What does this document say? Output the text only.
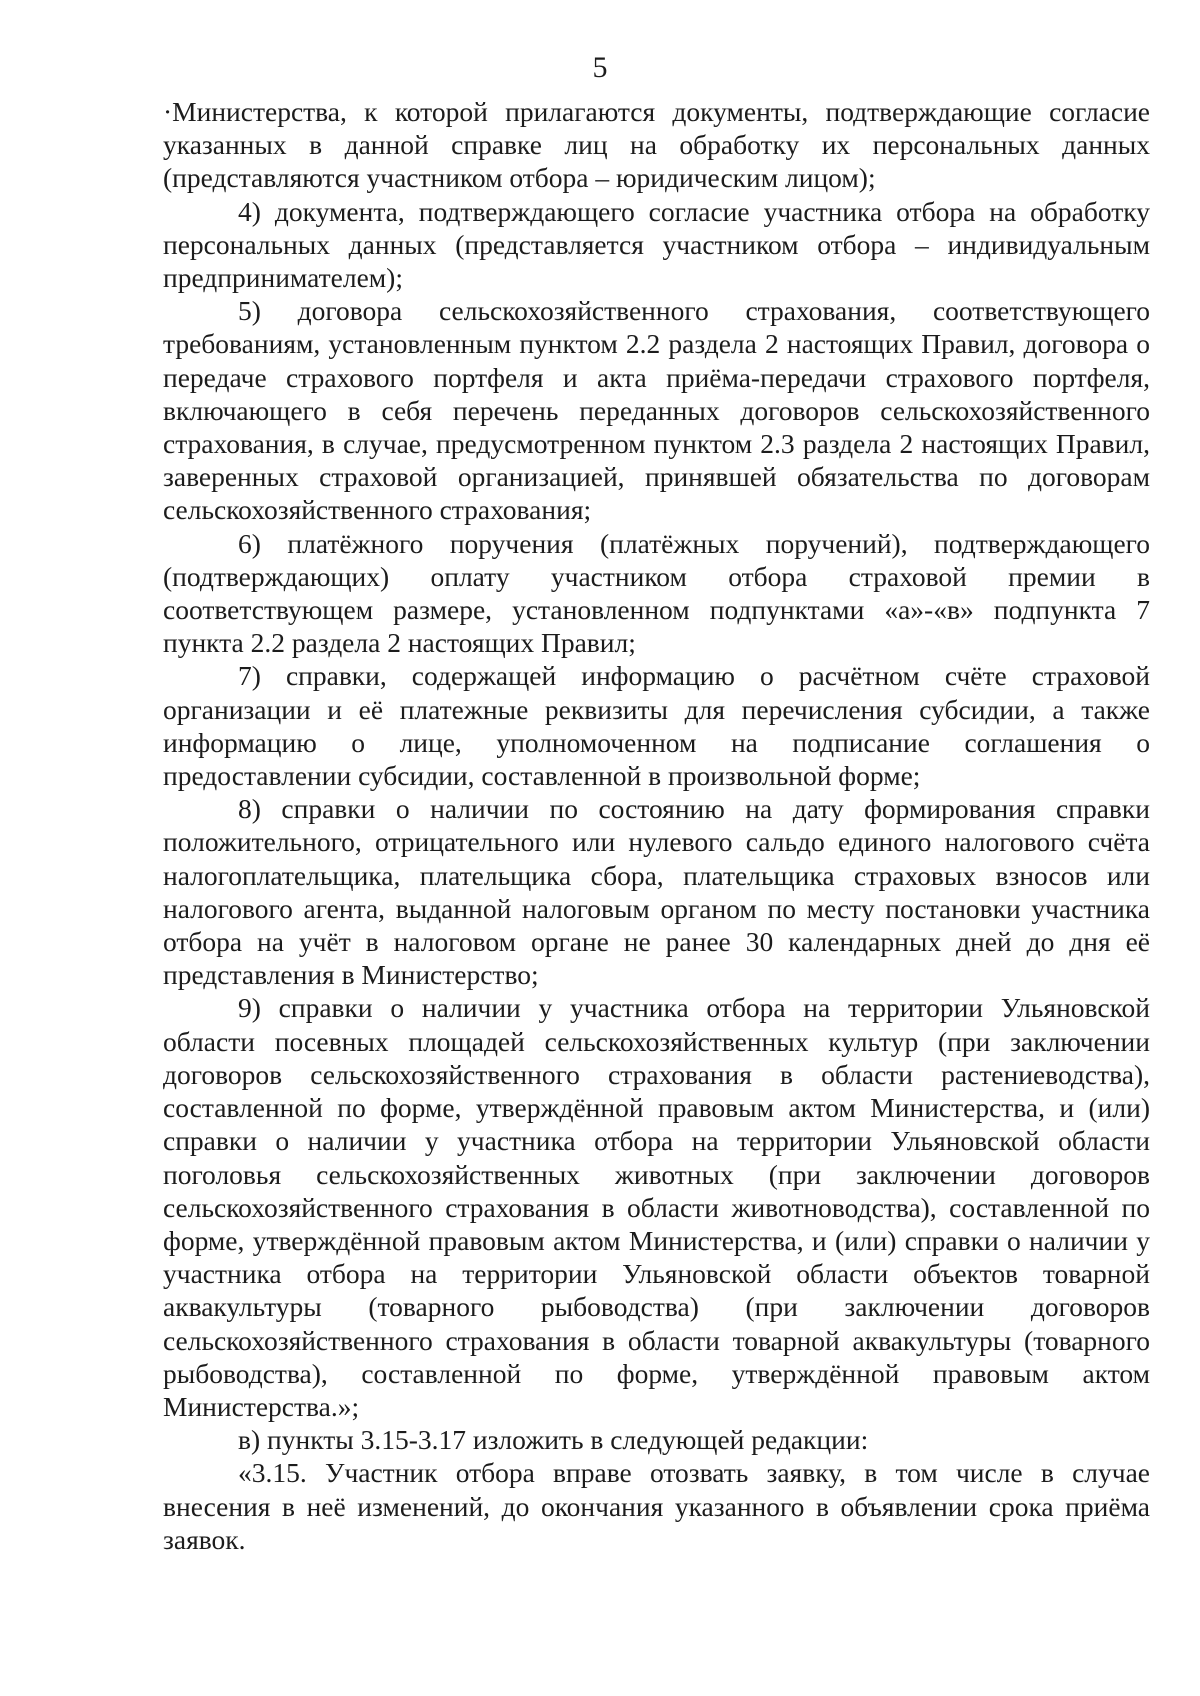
5

·Министерства, к которой прилагаются документы, подтверждающие согласие указанных в данной справке лиц на обработку их персональных данных (представляются участником отбора – юридическим лицом);

4) документа, подтверждающего согласие участника отбора на обработку персональных данных (представляется участником отбора – индивидуальным предпринимателем);

5) договора сельскохозяйственного страхования, соответствующего требованиям, установленным пунктом 2.2 раздела 2 настоящих Правил, договора о передаче страхового портфеля и акта приёма-передачи страхового портфеля, включающего в себя перечень переданных договоров сельскохозяйственного страхования, в случае, предусмотренном пунктом 2.3 раздела 2 настоящих Правил, заверенных страховой организацией, принявшей обязательства по договорам сельскохозяйственного страхования;

6) платёжного поручения (платёжных поручений), подтверждающего (подтверждающих) оплату участником отбора страховой премии в соответствующем размере, установленном подпунктами «а»-«в» подпункта 7 пункта 2.2 раздела 2 настоящих Правил;

7) справки, содержащей информацию о расчётном счёте страховой организации и её платежные реквизиты для перечисления субсидии, а также информацию о лице, уполномоченном на подписание соглашения о предоставлении субсидии, составленной в произвольной форме;

8) справки о наличии по состоянию на дату формирования справки положительного, отрицательного или нулевого сальдо единого налогового счёта налогоплательщика, плательщика сбора, плательщика страховых взносов или налогового агента, выданной налоговым органом по месту постановки участника отбора на учёт в налоговом органе не ранее 30 календарных дней до дня её представления в Министерство;

9) справки о наличии у участника отбора на территории Ульяновской области посевных площадей сельскохозяйственных культур (при заключении договоров сельскохозяйственного страхования в области растениеводства), составленной по форме, утверждённой правовым актом Министерства, и (или) справки о наличии у участника отбора на территории Ульяновской области поголовья сельскохозяйственных животных (при заключении договоров сельскохозяйственного страхования в области животноводства), составленной по форме, утверждённой правовым актом Министерства, и (или) справки о наличии у участника отбора на территории Ульяновской области объектов товарной аквакультуры (товарного рыбоводства) (при заключении договоров сельскохозяйственного страхования в области товарной аквакультуры (товарного рыбоводства), составленной по форме, утверждённой правовым актом Министерства.»;

в) пункты 3.15-3.17 изложить в следующей редакции:

«3.15. Участник отбора вправе отозвать заявку, в том числе в случае внесения в неё изменений, до окончания указанного в объявлении срока приёма заявок.
